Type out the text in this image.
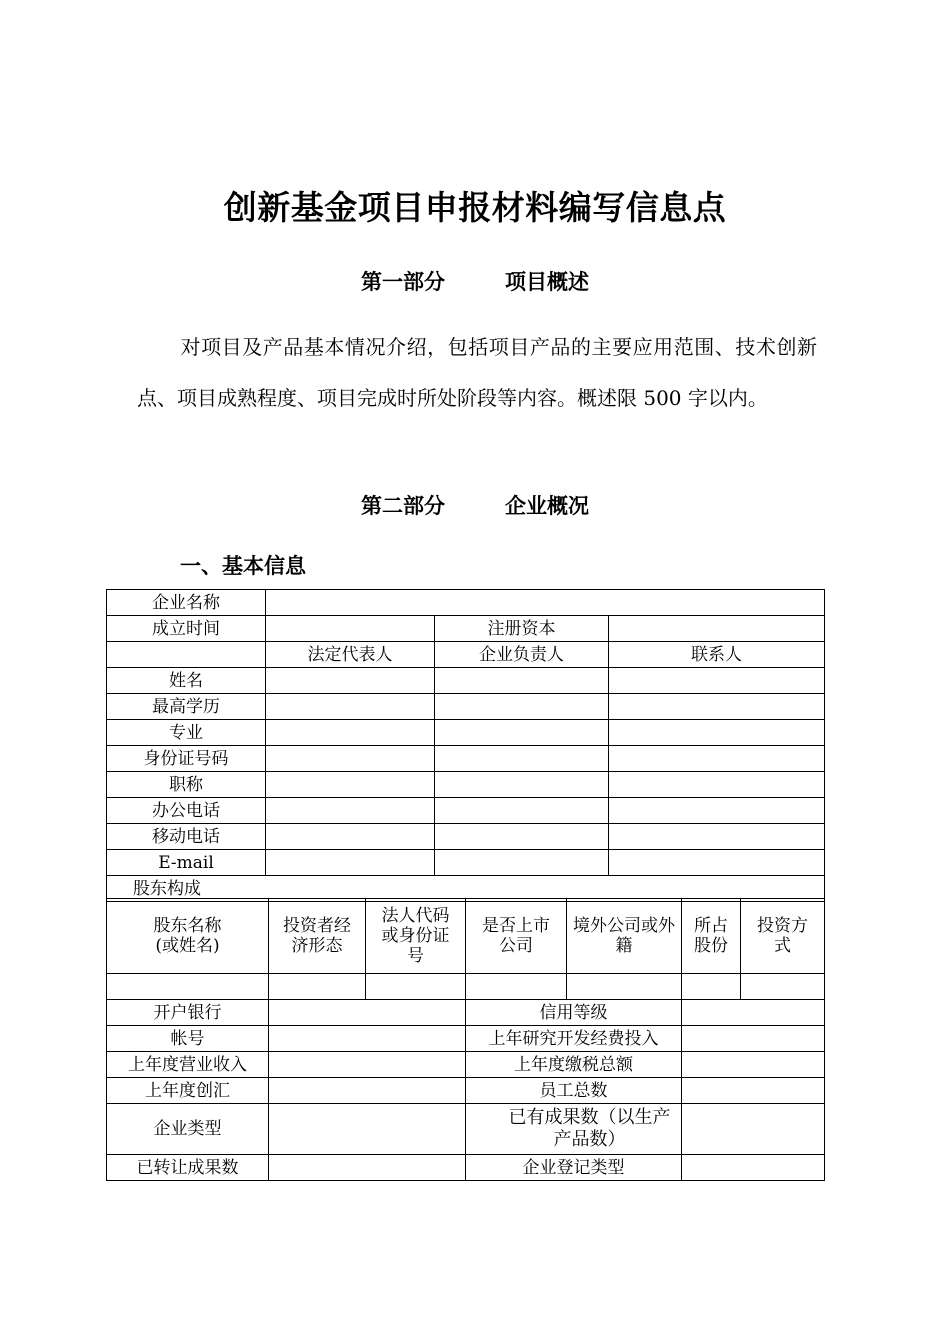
创新基金项目申报材料编写信息点
第一部分	项目概述
对项目及产品基本情况介绍，包括项目产品的主要应用范围、技术创新点、项目成熟程度、项目完成时所处阶段等内容。概述限 500 字以内。
第二部分	企业概况
一、基本信息
企业名称			
成立时间		注册资本	
	法定代表人	企业负责人	联系人
姓名			
最高学历			
专业			
身份证号码			
职称			
办公电话			
移动电话			
E-mail			
股东构成			
股东名称
(或姓名)	投资者经济形态	法人代码或身份证号	是否上市公司	境外公司或外籍	所占股份	投资方式

开户银行		信用等级	
帐号		上年研究开发经费投入	
上年度营业收入		上年度缴税总额	
上年度创汇		员工总数	
企业类型		已有成果数（以生产产品数）	
已转让成果数		企业登记类型	
